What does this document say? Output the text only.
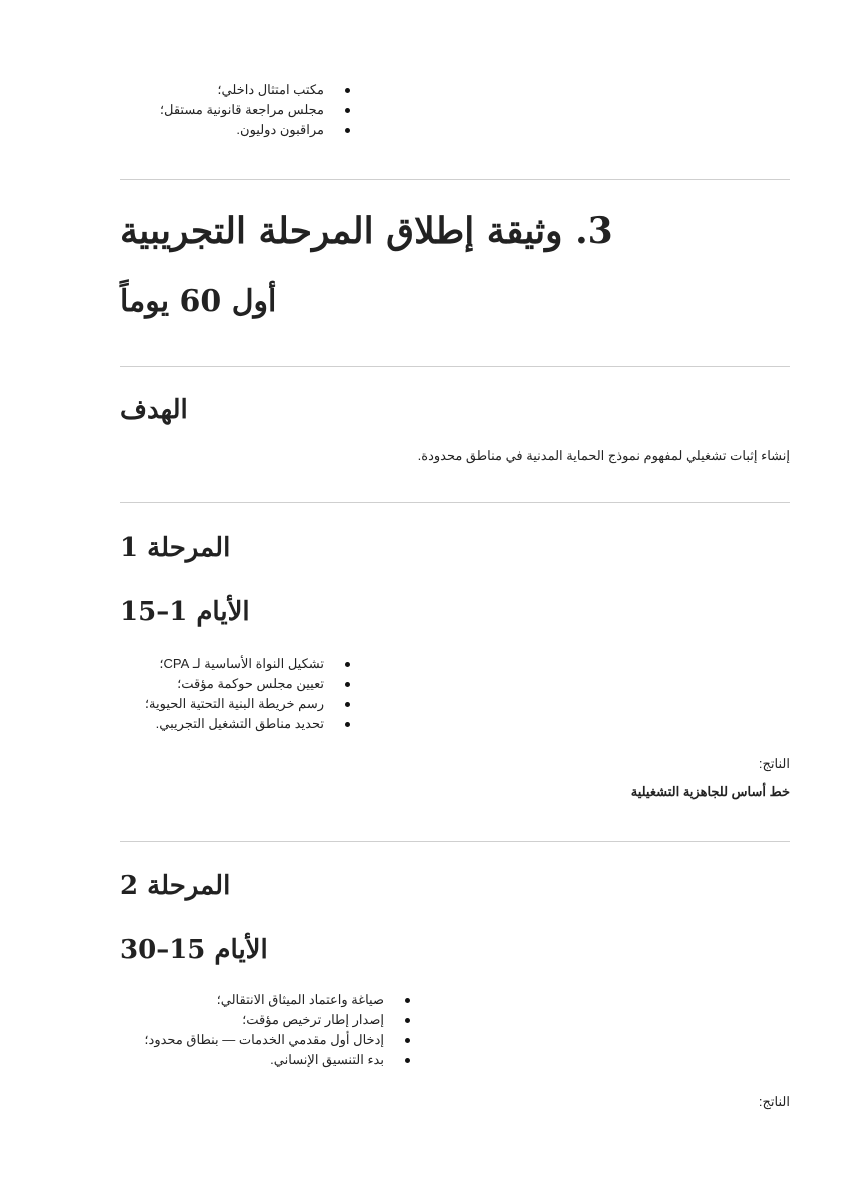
مكتب امتثال داخلي؛
مجلس مراجعة قانونية مستقل؛
مراقبون دوليون.
3. وثيقة إطلاق المرحلة التجريبية
أول 60 يوماً
الهدف

إنشاء إثبات تشغيلي لمفهوم نموذج الحماية المدنية في مناطق محدودة.

المرحلة 1
الأيام 1–15
تشكيل النواة الأساسية لـ CPA؛
تعيين مجلس حوكمة مؤقت؛
رسم خريطة البنية التحتية الحيوية؛
تحديد مناطق التشغيل التجريبي.

الناتج:

خط أساس للجاهزية التشغيلية

المرحلة 2
الأيام 15–30
صياغة واعتماد الميثاق الانتقالي؛
إصدار إطار ترخيص مؤقت؛
إدخال أول مقدمي الخدمات — بنطاق محدود؛
بدء التنسيق الإنساني.

الناتج:
